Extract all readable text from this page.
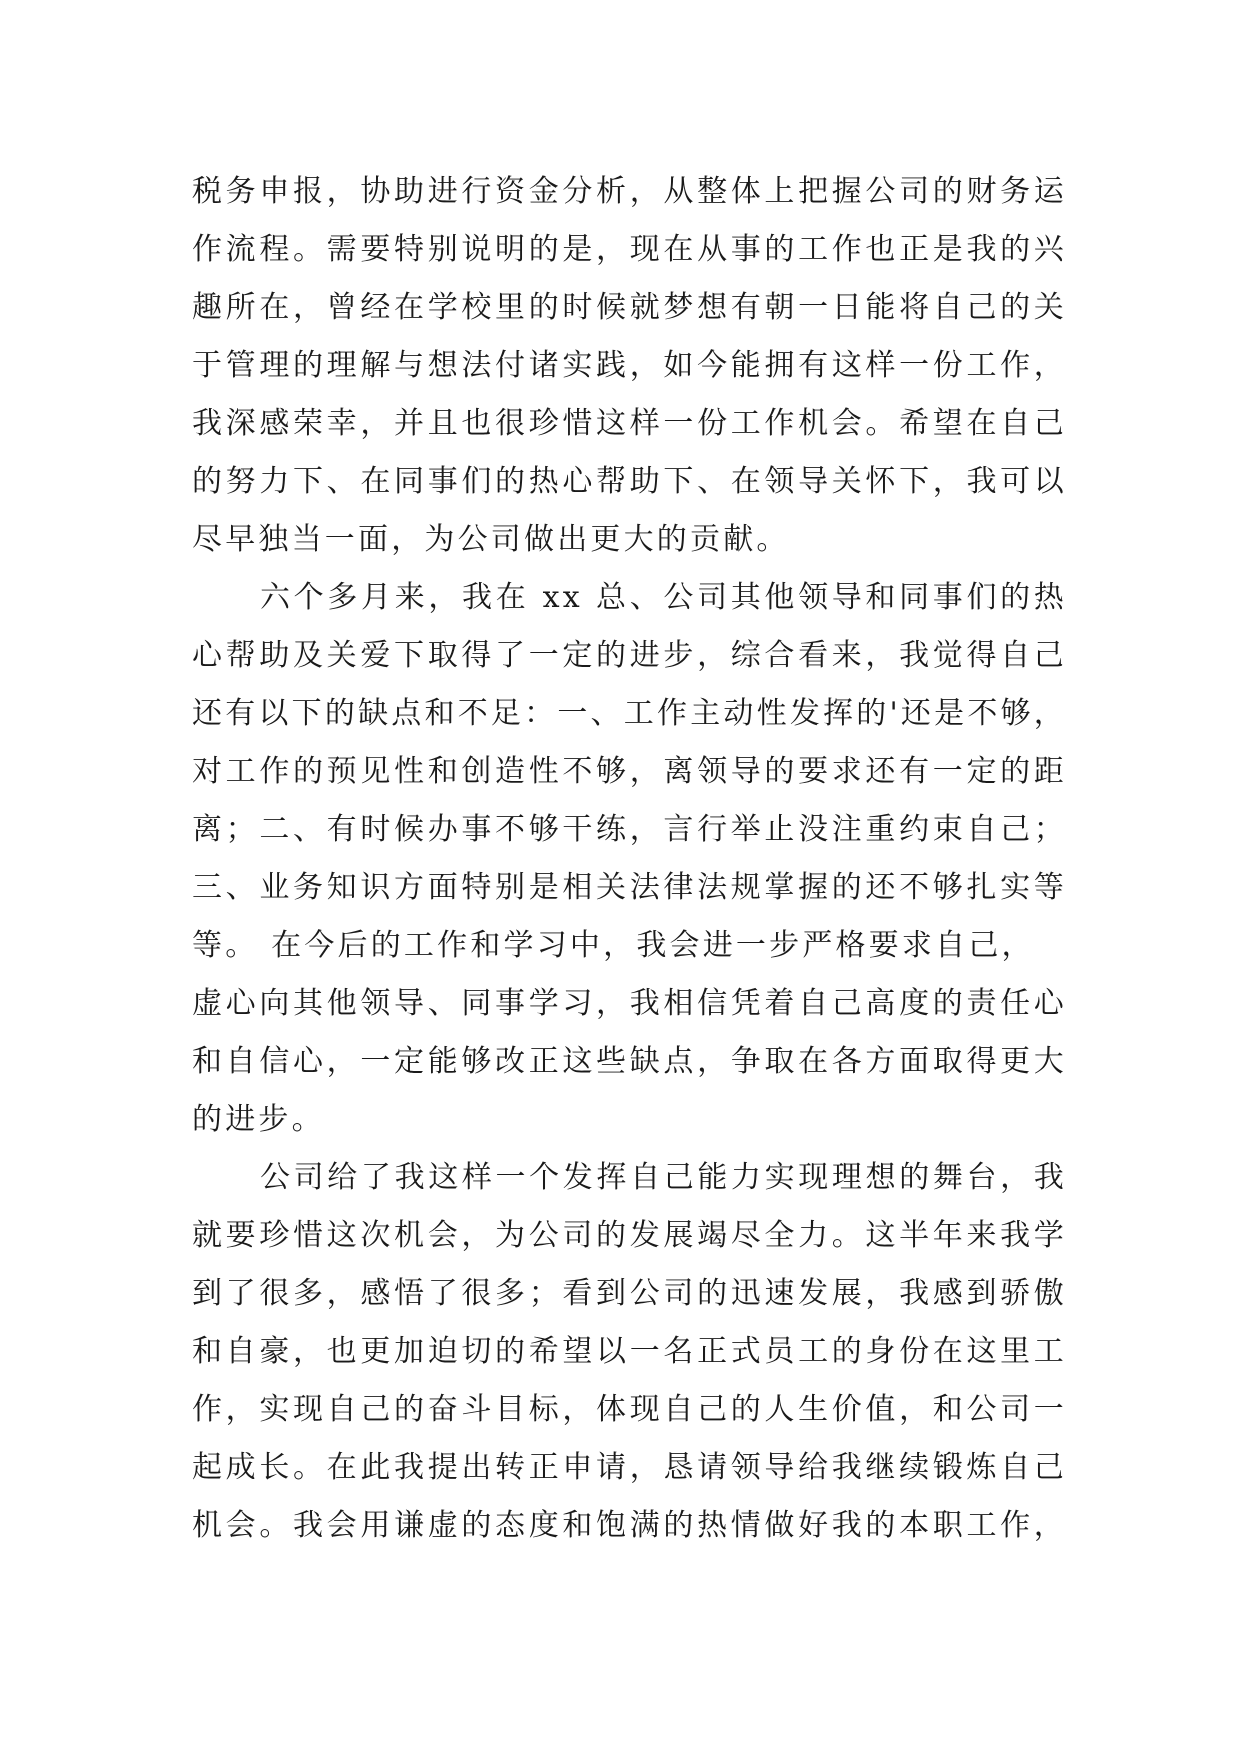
税务申报，协助进行资金分析，从整体上把握公司的财务运
作流程。需要特别说明的是，现在从事的工作也正是我的兴
趣所在，曾经在学校里的时候就梦想有朝一日能将自己的关
于管理的理解与想法付诸实践，如今能拥有这样一份工作，
我深感荣幸，并且也很珍惜这样一份工作机会。希望在自己
的努力下、在同事们的热心帮助下、在领导关怀下，我可以
尽早独当一面，为公司做出更大的贡献。
六个多月来，我在 xx 总、公司其他领导和同事们的热
心帮助及关爱下取得了一定的进步，综合看来，我觉得自己
还有以下的缺点和不足：一、工作主动性发挥的'还是不够，
对工作的预见性和创造性不够，离领导的要求还有一定的距
离；二、有时候办事不够干练，言行举止没注重约束自己；
三、业务知识方面特别是相关法律法规掌握的还不够扎实等
等。 在今后的工作和学习中，我会进一步严格要求自己，
虚心向其他领导、同事学习，我相信凭着自己高度的责任心
和自信心，一定能够改正这些缺点，争取在各方面取得更大
的进步。
公司给了我这样一个发挥自己能力实现理想的舞台，我
就要珍惜这次机会，为公司的发展竭尽全力。这半年来我学
到了很多，感悟了很多；看到公司的迅速发展，我感到骄傲
和自豪，也更加迫切的希望以一名正式员工的身份在这里工
作，实现自己的奋斗目标，体现自己的人生价值，和公司一
起成长。在此我提出转正申请，恳请领导给我继续锻炼自己
机会。我会用谦虚的态度和饱满的热情做好我的本职工作，
